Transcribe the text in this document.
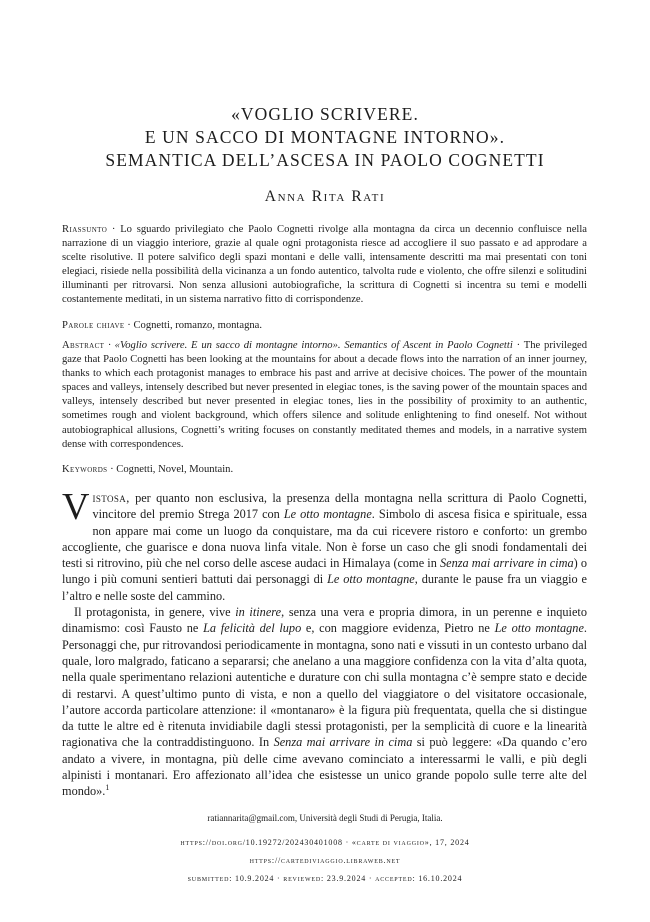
«VOGLIO SCRIVERE.
E UN SACCO DI MONTAGNE INTORNO».
SEMANTICA DELL’ASCESA IN PAOLO COGNETTI
Anna Rita Rati
Riassunto · Lo sguardo privilegiato che Paolo Cognetti rivolge alla montagna da circa un decennio confluisce nella narrazione di un viaggio interiore, grazie al quale ogni protagonista riesce ad accogliere il suo passato e ad approdare a scelte risolutive. Il potere salvifico degli spazi montani e delle valli, intensamente descritti ma mai presentati con toni elegiaci, risiede nella possibilità della vicinanza a un fondo autentico, talvolta rude e violento, che offre silenzi e solitudini illuminanti per ritrovarsi. Non senza allusioni autobiografiche, la scrittura di Cognetti si incentra su temi e modelli costantemente meditati, in un sistema narrativo fitto di corrispondenze.
Parole chiave · Cognetti, romanzo, montagna.
Abstract · «Voglio scrivere. E un sacco di montagne intorno». Semantics of Ascent in Paolo Cognetti · The privileged gaze that Paolo Cognetti has been looking at the mountains for about a decade flows into the narration of an inner journey, thanks to which each protagonist manages to embrace his past and arrive at decisive choices. The power of the mountain spaces and valleys, intensely described but never presented in elegiac tones, is the saving power of the mountain spaces and valleys, intensely described but never presented in elegiac tones, lies in the possibility of proximity to an authentic, sometimes rough and violent background, which offers silence and solitude enlightening to find oneself. Not without autobiographical allusions, Cognetti’s writing focuses on constantly meditated themes and models, in a narrative system dense with correspondences.
Keywords · Cognetti, Novel, Mountain.

Vistosa, per quanto non esclusiva, la presenza della montagna nella scrittura di Paolo Cognetti, vincitore del premio Strega 2017 con Le otto montagne. Simbolo di ascesa fisica e spirituale, essa non appare mai come un luogo da conquistare, ma da cui ricevere ristoro e conforto: un grembo accogliente, che guarisce e dona nuova linfa vitale. Non è forse un caso che gli snodi fondamentali dei testi si ritrovino, più che nel corso delle ascese audaci in Himalaya (come in Senza mai arrivare in cima) o lungo i più comuni sentieri battuti dai personaggi di Le otto montagne, durante le pause fra un viaggio e l’altro e nelle soste del cammino.

Il protagonista, in genere, vive in itinere, senza una vera e propria dimora, in un perenne e inquieto dinamismo: così Fausto ne La felicità del lupo e, con maggiore evidenza, Pietro ne Le otto montagne. Personaggi che, pur ritrovandosi periodicamente in montagna, sono nati e vissuti in un contesto urbano dal quale, loro malgrado, faticano a separarsi; che anelano a una maggiore confidenza con la vita d’alta quota, nella quale sperimentano relazioni autentiche e durature con chi sulla montagna c’è sempre stato e decide di restarvi. A quest’ultimo punto di vista, e non a quello del viaggiatore o del visitatore occasionale, l’autore accorda particolare attenzione: il «montanaro» è la figura più frequentata, quella che si distingue da tutte le altre ed è ritenuta invidiabile dagli stessi protagonisti, per la semplicità di cuore e la linearità ragionativa che la contraddistinguono. In Senza mai arrivare in cima si può leggere: «Da quando c’ero andato a vivere, in montagna, più delle cime avevano cominciato a interessarmi le valli, e più degli alpinisti i montanari. Ero affezionato all’idea che esistesse un unico grande popolo sulle terre alte del mondo».$^1$

ratiannarita@gmail.com, Università degli Studi di Perugia, Italia.
https://doi.org/10.19272/202430401008 · «carte di viaggio», 17, 2024
https://cartediviaggio.libraweb.net
submitted: 10.9.2024 · reviewed: 23.9.2024 · accepted: 16.10.2024
